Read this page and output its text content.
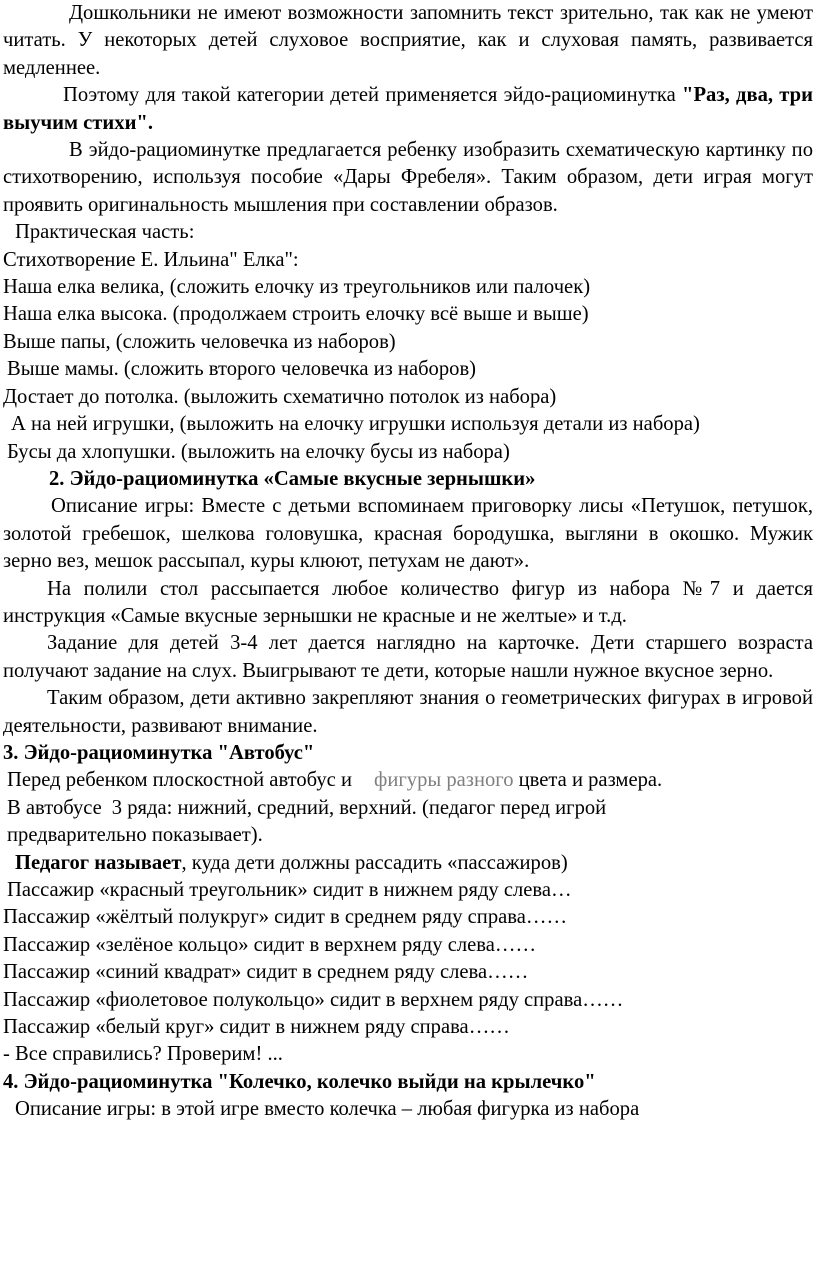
Дошкольники не имеют возможности запомнить текст зрительно, так как не умеют читать. У некоторых детей слуховое восприятие, как и слуховая память, развивается медленнее.

Поэтому для такой категории детей применяется эйдо-рациоминутка "Раз, два, три выучим стихи".

В эйдо-рациоминутке предлагается ребенку изобразить схематическую картинку по стихотворению, используя пособие «Дары Фребеля». Таким образом, дети играя могут проявить оригинальность мышления при составлении образов.

Практическая часть:

Стихотворение Е. Ильина" Елка":

Наша елка велика, (сложить елочку из треугольников или палочек)

Наша елка высока. (продолжаем строить елочку всё выше и выше)

Выше папы, (сложить человечка из наборов)

Выше мамы. (сложить второго человечка из наборов)

Достает до потолка. (выложить схематично потолок из набора)

А на ней игрушки, (выложить на елочку игрушки используя детали из набора)

Бусы да хлопушки. (выложить на елочку бусы из набора)

2. Эйдо-рациоминутка «Самые вкусные зернышки»

Описание игры: Вместе с детьми вспоминаем приговорку лисы «Петушок, петушок, золотой гребешок, шелкова головушка, красная бородушка, выгляни в окошко. Мужик зерно вез, мешок рассыпал, куры клюют, петухам не дают».

На полили стол рассыпается любое количество фигур из набора №7 и дается инструкция «Самые вкусные зернышки не красные и не желтые» и т.д.

Задание для детей 3-4 лет дается наглядно на карточке. Дети старшего возраста получают задание на слух. Выигрывают те дети, которые нашли нужное вкусное зерно.

Таким образом, дети активно закрепляют знания о геометрических фигурах в игровой деятельности, развивают внимание.

3. Эйдо-рациоминутка "Автобус"

Перед ребенком плоскостной автобус и фигуры разного цвета и размера.

В автобусе 3 ряда: нижний, средний, верхний. (педагог перед игрой предварительно показывает).

Педагог называет, куда дети должны рассадить «пассажиров)

Пассажир «красный треугольник» сидит в нижнем ряду слева…

Пассажир «жёлтый полукруг» сидит в среднем ряду справа……

Пассажир «зелёное кольцо» сидит в верхнем ряду слева……

Пассажир «синий квадрат» сидит в среднем ряду слева……

Пассажир «фиолетовое полукольцо» сидит в верхнем ряду справа……

Пассажир «белый круг» сидит в нижнем ряду справа……

- Все справились? Проверим! ...

4. Эйдо-рациоминутка "Колечко, колечко выйди на крылечко"

Описание игры: в этой игре вместо колечка – любая фигурка из набора
